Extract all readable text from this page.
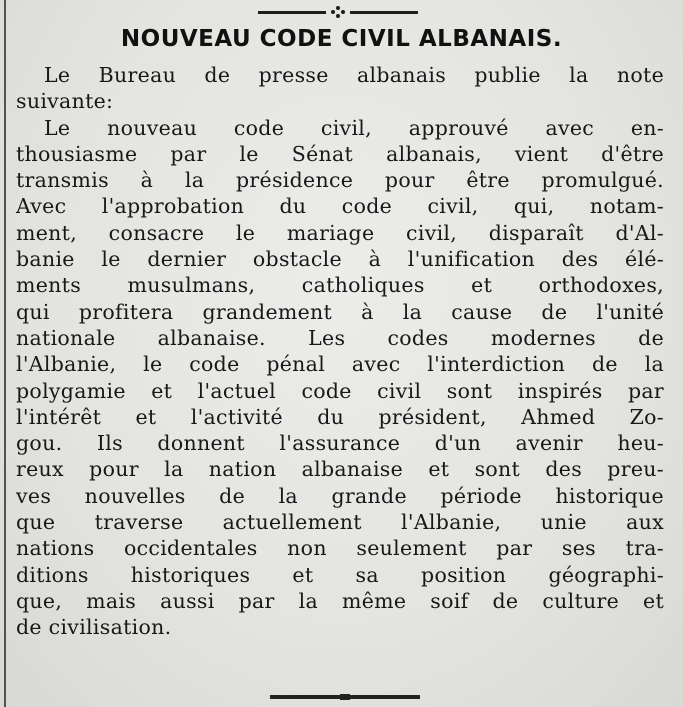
NOUVEAU CODE CIVIL ALBANAIS.
Le Bureau de presse albanais publie la note
suivante:
Le nouveau code civil, approuvé avec en-
thousiasme par le Sénat albanais, vient d'être
transmis à la présidence pour être promulgué.
Avec l'approbation du code civil, qui, notam-
ment, consacre le mariage civil, disparaît d'Al-
banie le dernier obstacle à l'unification des élé-
ments musulmans, catholiques et orthodoxes,
qui profitera grandement à la cause de l'unité
nationale albanaise. Les codes modernes de
l'Albanie, le code pénal avec l'interdiction de la
polygamie et l'actuel code civil sont inspirés par
l'intérêt et l'activité du président, Ahmed Zo-
gou. Ils donnent l'assurance d'un avenir heu-
reux pour la nation albanaise et sont des preu-
ves nouvelles de la grande période historique
que traverse actuellement l'Albanie, unie aux
nations occidentales non seulement par ses tra-
ditions historiques et sa position géographi-
que, mais aussi par la même soif de culture et
de civilisation.
